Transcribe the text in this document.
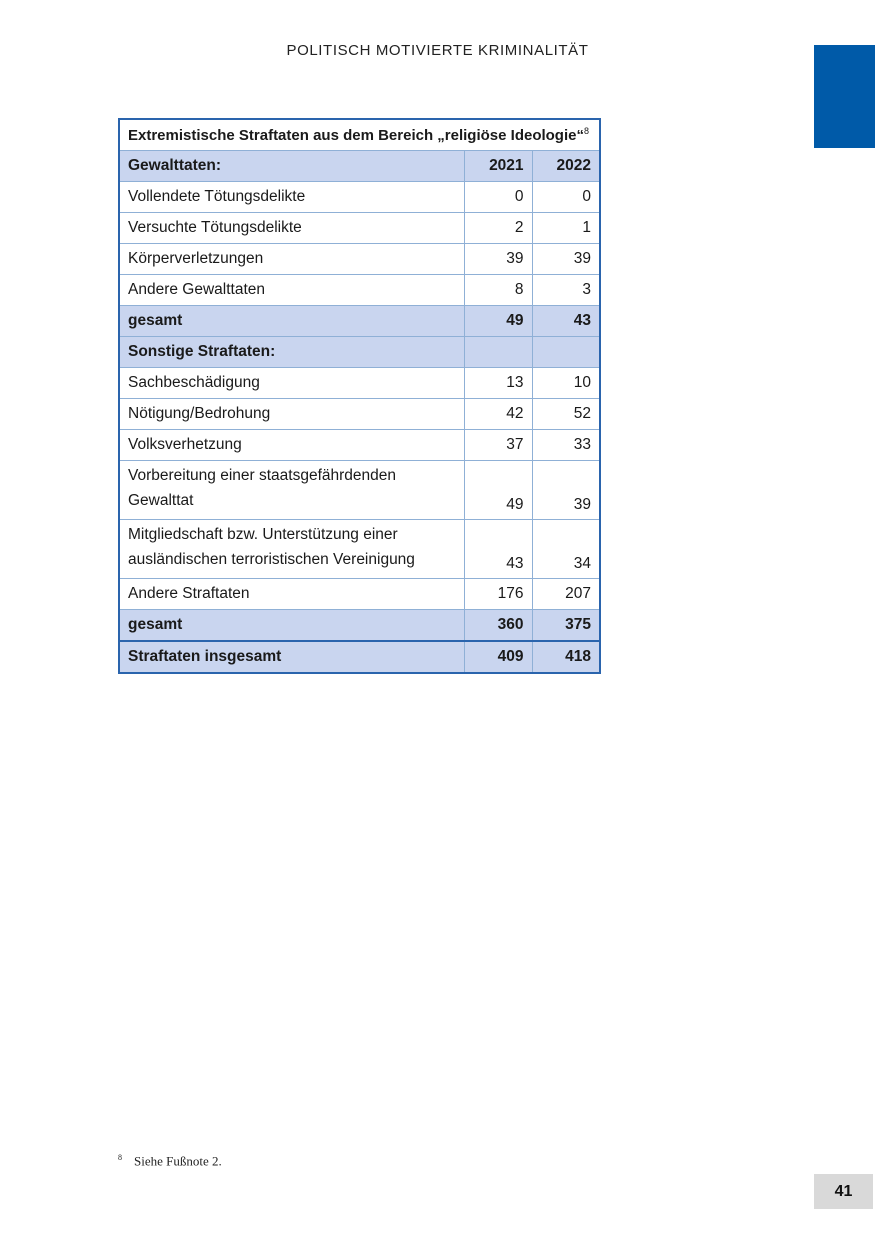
POLITISCH MOTIVIERTE KRIMINALITÄT
Extremistische Straftaten aus dem Bereich „religiöse Ideologie“$^8$
Gewalttaten:	2021	2022
Vollendete Tötungsdelikte	0	0
Versuchte Tötungsdelikte	2	1
Körperverletzungen	39	39
Andere Gewalttaten	8	3
gesamt	49	43
Sonstige Straftaten:		
Sachbeschädigung	13	10
Nötigung/Bedrohung	42	52
Volksverhetzung	37	33
Vorbereitung einer staatsgefährdenden
Gewalttat	49	39
Mitgliedschaft bzw. Unterstützung einer
ausländischen terroristischen Vereinigung	43	34
Andere Straftaten	176	207
gesamt	360	375
Straftaten insgesamt	409	418
$^8$ Siehe Fußnote 2.
41
